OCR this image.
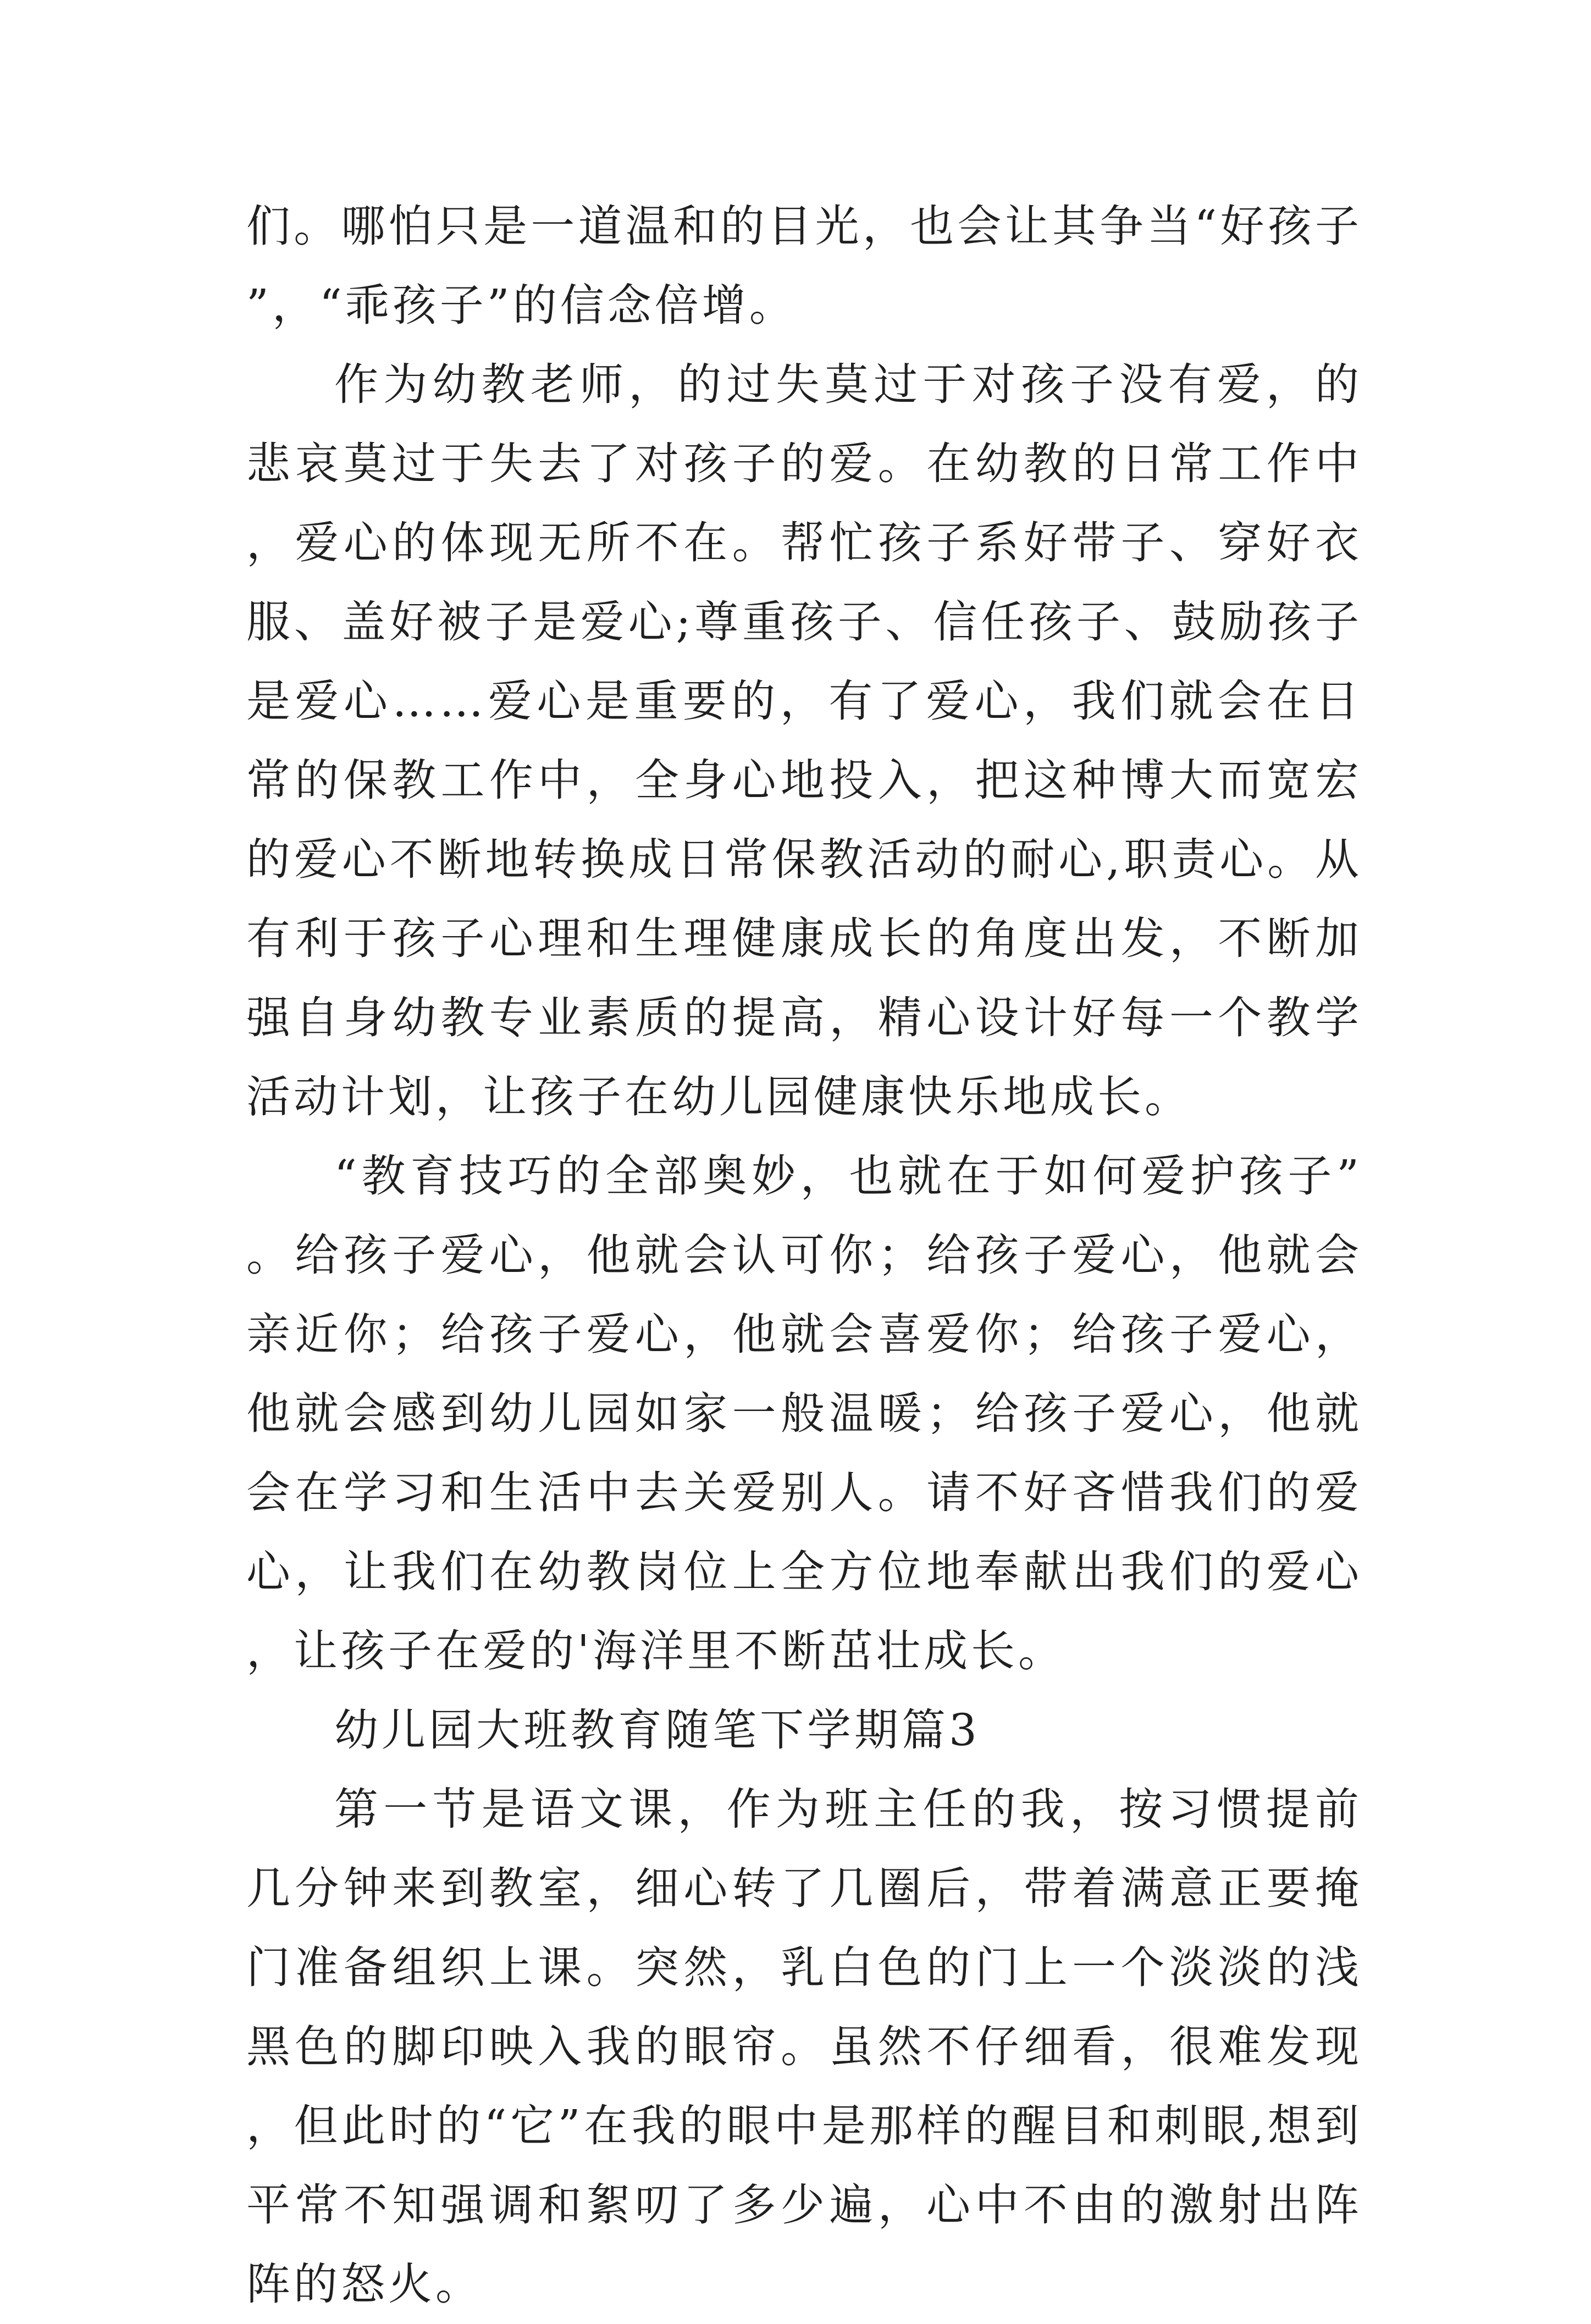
们。哪怕只是一道温和的目光，也会让其争当“好孩子”，“乖孩子”的信念倍增。

作为幼教老师，的过失莫过于对孩子没有爱，的悲哀莫过于失去了对孩子的爱。在幼教的日常工作中，爱心的体现无所不在。帮忙孩子系好带子、穿好衣服、盖好被子是爱心;尊重孩子、信任孩子、鼓励孩子是爱心……爱心是重要的，有了爱心，我们就会在日常的保教工作中，全身心地投入，把这种博大而宽宏的爱心不断地转换成日常保教活动的耐心,职责心。从有利于孩子心理和生理健康成长的角度出发，不断加强自身幼教专业素质的提高，精心设计好每一个教学活动计划，让孩子在幼儿园健康快乐地成长。

“教育技巧的全部奥妙，也就在于如何爱护孩子”。给孩子爱心，他就会认可你；给孩子爱心，他就会亲近你；给孩子爱心，他就会喜爱你；给孩子爱心，他就会感到幼儿园如家一般温暖；给孩子爱心，他就会在学习和生活中去关爱别人。请不好吝惜我们的爱心，让我们在幼教岗位上全方位地奉献出我们的爱心，让孩子在爱的'海洋里不断茁壮成长。

幼儿园大班教育随笔下学期篇3

第一节是语文课，作为班主任的我，按习惯提前几分钟来到教室，细心转了几圈后，带着满意正要掩门准备组织上课。突然，乳白色的门上一个淡淡的浅黑色的脚印映入我的眼帘。虽然不仔细看，很难发现，但此时的“它”在我的眼中是那样的醒目和刺眼,想到平常不知强调和絮叨了多少遍，心中不由的激射出阵阵的怒火。
